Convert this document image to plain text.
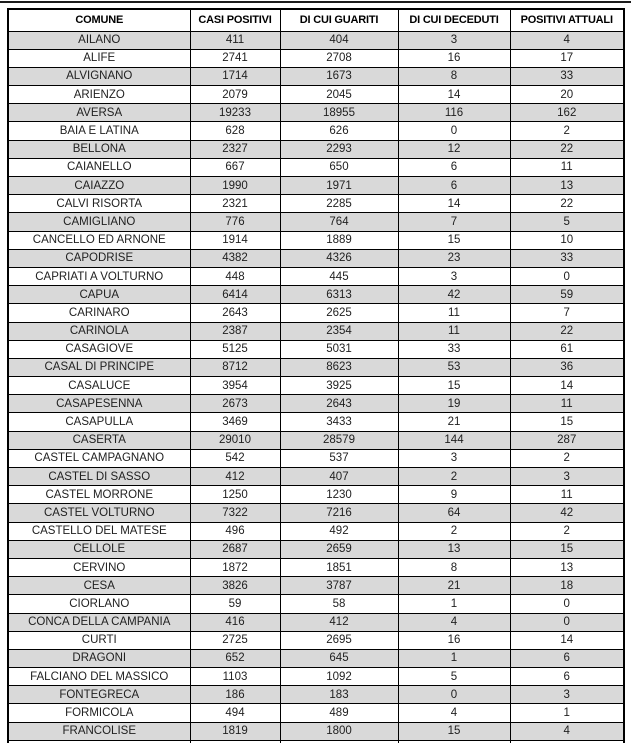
COMUNE	CASI POSITIVI	DI CUI GUARITI	DI CUI DECEDUTI	POSITIVI ATTUALI
AILANO	411	404	3	4
ALIFE	2741	2708	16	17
ALVIGNANO	1714	1673	8	33
ARIENZO	2079	2045	14	20
AVERSA	19233	18955	116	162
BAIA E LATINA	628	626	0	2
BELLONA	2327	2293	12	22
CAIANELLO	667	650	6	11
CAIAZZO	1990	1971	6	13
CALVI RISORTA	2321	2285	14	22
CAMIGLIANO	776	764	7	5
CANCELLO ED ARNONE	1914	1889	15	10
CAPODRISE	4382	4326	23	33
CAPRIATI A VOLTURNO	448	445	3	0
CAPUA	6414	6313	42	59
CARINARO	2643	2625	11	7
CARINOLA	2387	2354	11	22
CASAGIOVE	5125	5031	33	61
CASAL DI PRINCIPE	8712	8623	53	36
CASALUCE	3954	3925	15	14
CASAPESENNA	2673	2643	19	11
CASAPULLA	3469	3433	21	15
CASERTA	29010	28579	144	287
CASTEL CAMPAGNANO	542	537	3	2
CASTEL DI SASSO	412	407	2	3
CASTEL MORRONE	1250	1230	9	11
CASTEL VOLTURNO	7322	7216	64	42
CASTELLO DEL MATESE	496	492	2	2
CELLOLE	2687	2659	13	15
CERVINO	1872	1851	8	13
CESA	3826	3787	21	18
CIORLANO	59	58	1	0
CONCA DELLA CAMPANIA	416	412	4	0
CURTI	2725	2695	16	14
DRAGONI	652	645	1	6
FALCIANO DEL MASSICO	1103	1092	5	6
FONTEGRECA	186	183	0	3
FORMICOLA	494	489	4	1
FRANCOLISE	1819	1800	15	4
